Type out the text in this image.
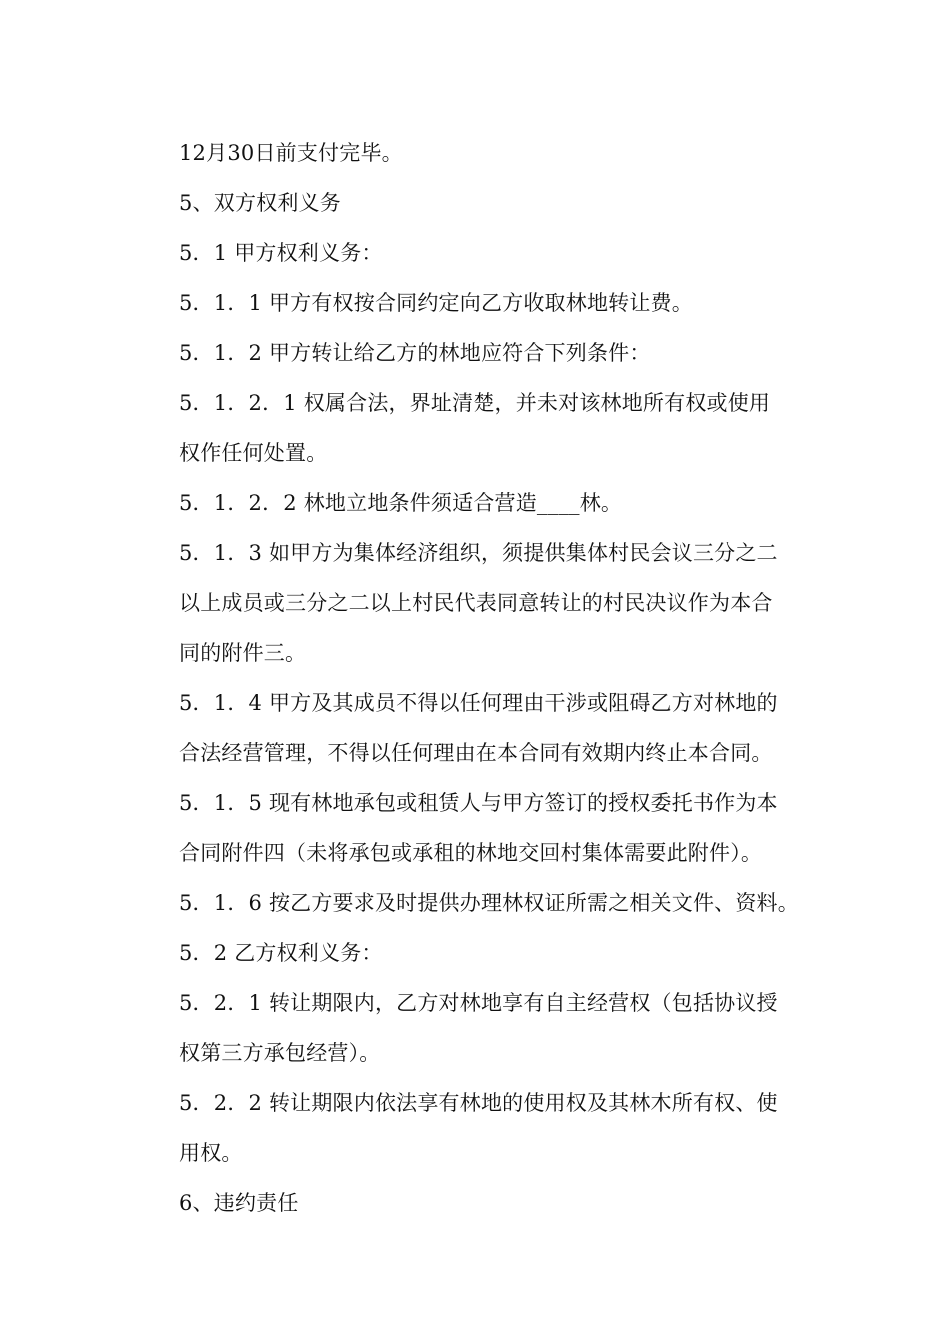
12月30日前支付完毕。
5、双方权利义务
5．1 甲方权利义务：
5．1．1 甲方有权按合同约定向乙方收取林地转让费。
5．1．2 甲方转让给乙方的林地应符合下列条件：
5．1．2．1 权属合法，界址清楚，并未对该林地所有权或使用
权作任何处置。
5．1．2．2 林地立地条件须适合营造____林。
5．1．3 如甲方为集体经济组织，须提供集体村民会议三分之二
以上成员或三分之二以上村民代表同意转让的村民决议作为本合
同的附件三。
5．1．4 甲方及其成员不得以任何理由干涉或阻碍乙方对林地的
合法经营管理，不得以任何理由在本合同有效期内终止本合同。
5．1．5 现有林地承包或租赁人与甲方签订的授权委托书作为本
合同附件四（未将承包或承租的林地交回村集体需要此附件）。
5．1．6 按乙方要求及时提供办理林权证所需之相关文件、资料。
5．2 乙方权利义务：
5．2．1 转让期限内，乙方对林地享有自主经营权（包括协议授
权第三方承包经营）。
5．2．2 转让期限内依法享有林地的使用权及其林木所有权、使
用权。
6、违约责任
